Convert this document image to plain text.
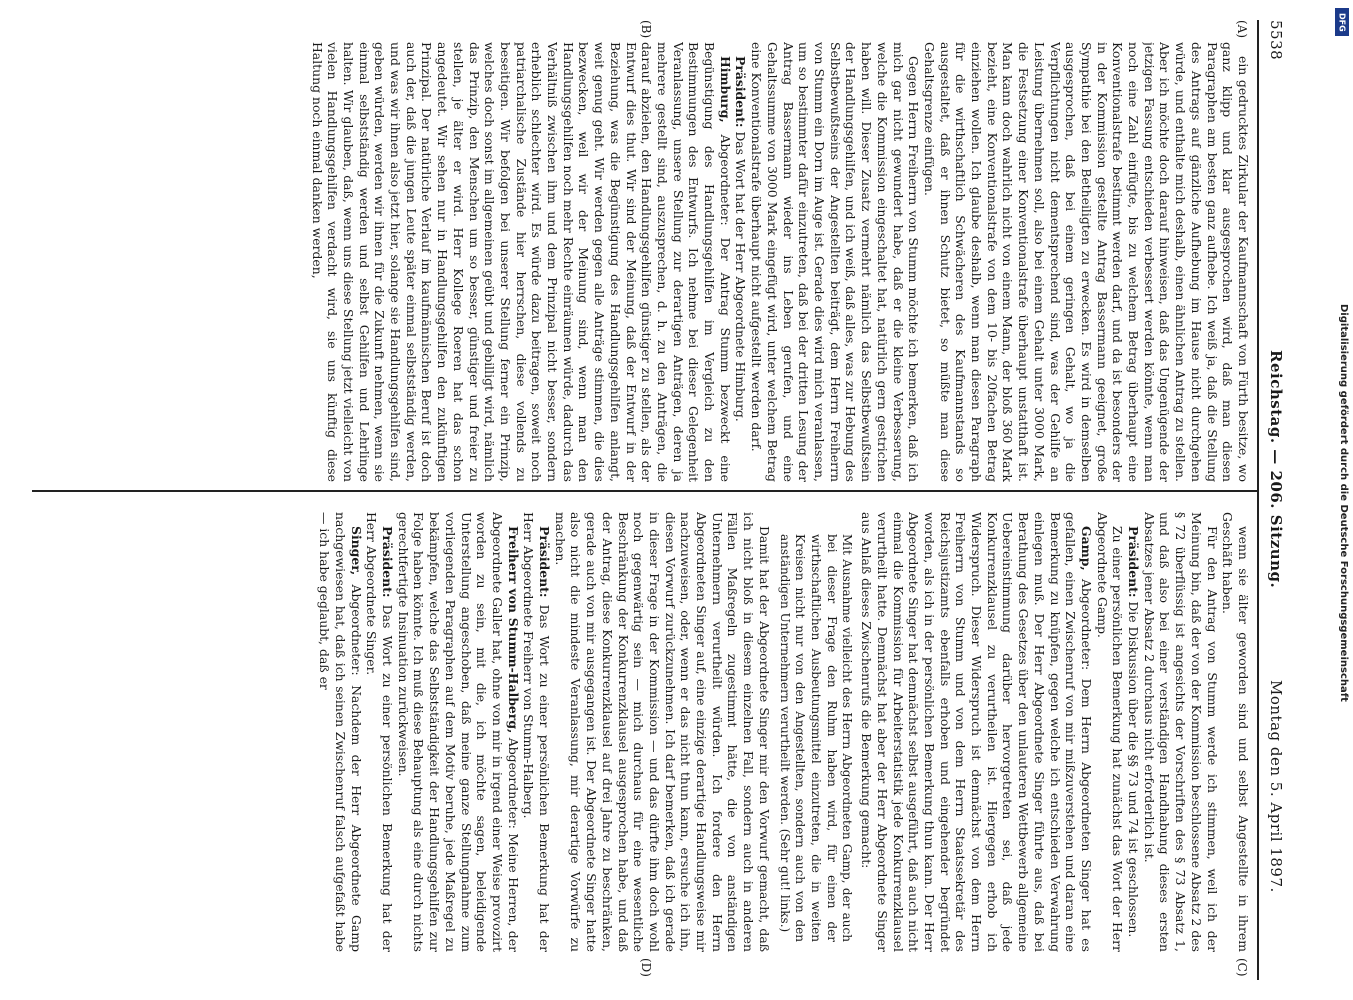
5538
Reichstag. — 206. Sitzung.
Montag den 5. April 1897.
(A)
(B)
(C)
(D)

ein gedrucktes Zirkular der Kaufmannschaft von Fürth besitze, wo ganz klipp und klar ausgesprochen wird, daß man diesen Paragraphen am besten ganz aufhebe. Ich weiß ja, daß die Stellung des Antrags auf gänzliche Aufhebung im Hause nicht durchgehen würde, und enthalte mich deshalb, einen ähnlichen Antrag zu stellen. Aber ich möchte doch darauf hinweisen, daß das Ungenügende der jetzigen Fassung entschieden verbessert werden könnte, wenn man noch eine Zahl einfügte, bis zu welchem Betrag überhaupt eine Konventionalstrafe bestimmt werden darf, und da ist besonders der in der Kommission gestellte Antrag Bassermann geeignet, große Sympathie bei den Betheiligten zu erwecken. Es wird in demselben ausgesprochen, daß bei einem geringen Gehalt, wo ja die Verpflichtungen nicht dementsprechend sind, was der Gehilfe an Leistung übernehmen soll, also bei einem Gehalt unter 3000 Mark, die Festsetzung einer Konventionalstrafe überhaupt unstatthaft ist. Man kann doch wahrlich nicht von einem Mann, der bloß 360 Mark bezieht, eine Konventionalstrafe von dem 10- bis 20fachen Betrag einziehen wollen. Ich glaube deshalb, wenn man diesen Paragraph für die wirthschaftlich Schwächeren des Kaufmannstands so ausgestaltet, daß er ihnen Schutz bietet, so müßte man diese Gehaltsgrenze einfügen.

Gegen Herrn Freiherrn von Stumm möchte ich bemerken, daß ich mich gar nicht gewundert habe, daß er die kleine Verbesserung, welche die Kommission eingeschaltet hat, natürlich gern gestrichen haben will. Dieser Zusatz vermehrt nämlich das Selbstbewußtsein der Handlungsgehilfen, und ich weiß, daß alles, was zur Hebung des Selbstbewußtseins der Angestellten beiträgt, dem Herrn Freiherrn von Stumm ein Dorn im Auge ist. Gerade dies wird mich veranlassen, um so bestimmter dafür einzutreten, daß bei der dritten Lesung der Antrag Bassermann wieder ins Leben gerufen, und eine Gehaltssumme von 3000 Mark eingefügt wird, unter welchem Betrag eine Konventionalstrafe überhaupt nicht aufgestellt werden darf.

Präsident: Das Wort hat der Herr Abgeordnete Himburg.

Himburg, Abgeordneter: Der Antrag Stumm bezweckt eine Begünstigung des Handlungsgehilfen im Vergleich zu den Bestimmungen des Entwurfs. Ich nehme bei dieser Gelegenheit Veranlassung, unsere Stellung zur derartigen Anträgen, deren ja mehrere gestellt sind, auszusprechen, d. h. zu den Anträgen, die darauf abzielen, den Handlungsgehilfen günstiger zu stellen, als der Entwurf dies thut. Wir sind der Meinung, daß der Entwurf in der Beziehung, was die Begünstigung des Handlungsgehilfen anlangt, weit genug geht. Wir werden gegen alle Anträge stimmen, die dies bezwecken, weil wir der Meinung sind, wenn man den Handlungsgehilfen noch mehr Rechte einräumen würde, dadurch das Verhältniß zwischen ihm und dem Prinzipal nicht besser, sondern erheblich schlechter wird. Es würde dazu beitragen, soweit noch patriarchalische Zustände hier herrschen, diese vollends zu beseitigen. Wir befolgen bei unserer Stellung ferner ein Prinzip, welches doch sonst im allgemeinen geübt und gebilligt wird, nämlich das Prinzip, den Menschen um so besser, günstiger und freier zu stellen, je älter er wird. Herr Kollege Roeren hat das schon angedeutet. Wir sehen nur in Handlungsgehilfen den zukünftigen Prinzipal. Der natürliche Verlauf im kaufmännischen Beruf ist doch auch der, daß die jungen Leute später einmal selbstständig werden, und was wir ihnen also jetzt hier, solange sie Handlungsgehilfen sind, geben würden, werden wir ihnen für die Zukunft nehmen, wenn sie einmal selbstständig werden und selbst Gehilfen und Lehrlinge halten. Wir glauben, daß, wenn uns diese Stellung jetzt vielleicht von vielen Handlungsgehilfen verdacht wird, sie uns künftig diese Haltung noch einmal danken werden,

wenn sie älter geworden sind und selbst Angestellte in ihrem Geschäft haben.

Für den Antrag von Stumm werde ich stimmen, weil ich der Meinung bin, daß der von der Kommission beschlossene Absatz 2 des § 72 überflüssig ist angesichts der Vorschriften des § 73 Absatz 1, und daß also bei einer verständigen Handhabung dieses ersten Absatzes jener Absatz 2 durchaus nicht erforderlich ist.

Präsident: Die Diskussion über die §§ 73 und 74 ist geschlossen.

Zu einer persönlichen Bemerkung hat zunächst das Wort der Herr Abgeordnete Gamp.

Gamp, Abgeordneter: Dem Herrn Abgeordneten Singer hat es gefallen, einen Zwischenruf von mir mißzuverstehen und daran eine Bemerkung zu knüpfen, gegen welche ich entschieden Verwahrung einlegen muß. Der Herr Abgeordnete Singer führte aus, daß bei Berathung des Gesetzes über den unlauteren Wettbewerb allgemeine Uebereinstimmung darüber hervorgetreten sei, daß jede Konkurrenzklausel zu verurtheilen ist. Hiergegen erhob ich Widerspruch. Dieser Widerspruch ist demnächst von dem Herrn Freiherrn von Stumm und von dem Herrn Staatssekretär des Reichsjustizamts ebenfalls erhoben und eingehender begründet worden, als ich in der persönlichen Bemerkung thun kann. Der Herr Abgeordnete Singer hat demnächst selbst ausgeführt, daß auch nicht einmal die Kommission für Arbeiterstatistik jede Konkurrenzklausel verurtheilt hatte. Demnächst hat aber der Herr Abgeordnete Singer aus Anlaß dieses Zwischenrufs die Bemerkung gemacht:

Mit Ausnahme vielleicht des Herrn Abgeordneten Gamp, der auch bei dieser Frage den Ruhm haben wird, für einen der wirthschaftlichen Ausbeutungsmittel einzutreten, die in weiten Kreisen nicht nur von den Angestellten, sondern auch von den anständigen Unternehmern verurtheilt werden. (Sehr gut! links.)

Damit hat der Abgeordnete Singer mir den Vorwurf gemacht, daß ich nicht bloß in diesem einzelnen Fall, sondern auch in anderen Fällen Maßregeln zugestimmt hätte, die von anständigen Unternehmern verurtheilt würden. Ich fordere den Herrn Abgeordneten Singer auf, eine einzige derartige Handlungsweise mir nachzuweisen, oder, wenn er das nicht thun kann, ersuche ich ihn, diesen Vorwurf zurückzunehmen. Ich darf bemerken, daß ich gerade in dieser Frage in der Kommission — und das dürfte ihm doch wohl noch gegenwärtig sein — mich durchaus für eine wesentliche Beschränkung der Konkurrenzklausel ausgesprochen habe, und daß der Antrag, diese Konkurrenzklausel auf drei Jahre zu beschränken, gerade auch von mir ausgegangen ist. Der Abgeordnete Singer hatte also nicht die mindeste Veranlassung, mir derartige Vorwürfe zu machen.

Präsident: Das Wort zu einer persönlichen Bemerkung hat der Herr Abgeordnete Freiherr von Stumm-Halberg.

Freiherr von Stumm-Halberg, Abgeordneter: Meine Herren, der Abgeordnete Galler hat, ohne von mir in irgend einer Weise provozirt worden zu sein, mit die, ich möchte sagen, beleidigende Unterstellung angeschoben, daß meine ganze Stellungnahme zum vorliegenden Paragraphen auf dem Motiv beruhe, jede Maßregel zu bekämpfen, welche das Selbstständigkeit der Handlungsgehilfen zur Folge haben könnte. Ich muß diese Behauptung als eine durch nichts gerechtfertigte Insinuation zurückweisen.

Präsident: Das Wort zu einer persönlichen Bemerkung hat der Herr Abgeordnete Singer.

Singer, Abgeordneter: Nachdem der Herr Abgeordnete Gamp nachgewiesen hat, daß ich seinen Zwischenruf falsch aufgefaßt habe — ich habe geglaubt, daß er	Digitalisierung gefördert durch die Deutsche Forschungsgemeinschaft
DFG
